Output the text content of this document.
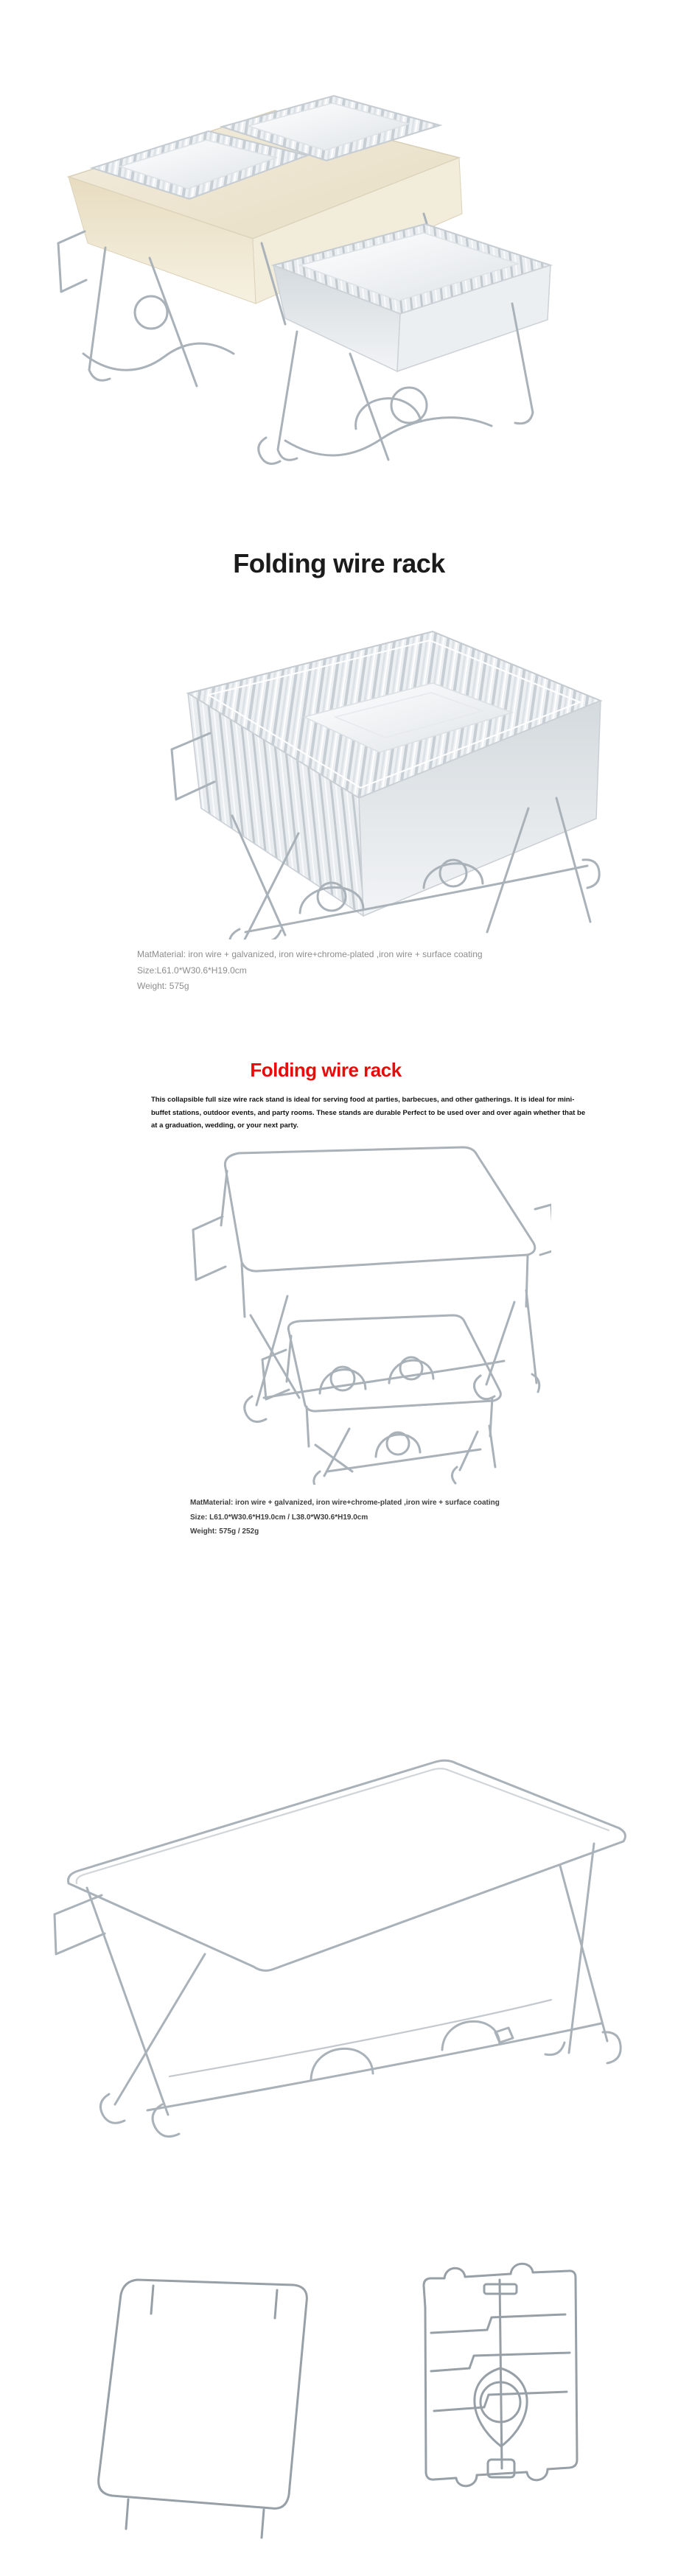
Folding wire rack
MatMaterial: iron wire + galvanized, iron wire+chrome-plated ,iron wire + surface coating
Size:L61.0*W30.6*H19.0cm
Weight: 575g
Folding wire rack
This collapsible full size wire rack stand is ideal for serving food at parties, barbecues, and other gatherings. It is ideal for mini-buffet stations, outdoor events, and party rooms. These stands are durable Perfect to be used over and over again whether that be at a graduation, wedding, or your next party.
MatMaterial: iron wire + galvanized, iron wire+chrome-plated ,iron wire + surface coating
Size: L61.0*W30.6*H19.0cm / L38.0*W30.6*H19.0cm
Weight: 575g / 252g
